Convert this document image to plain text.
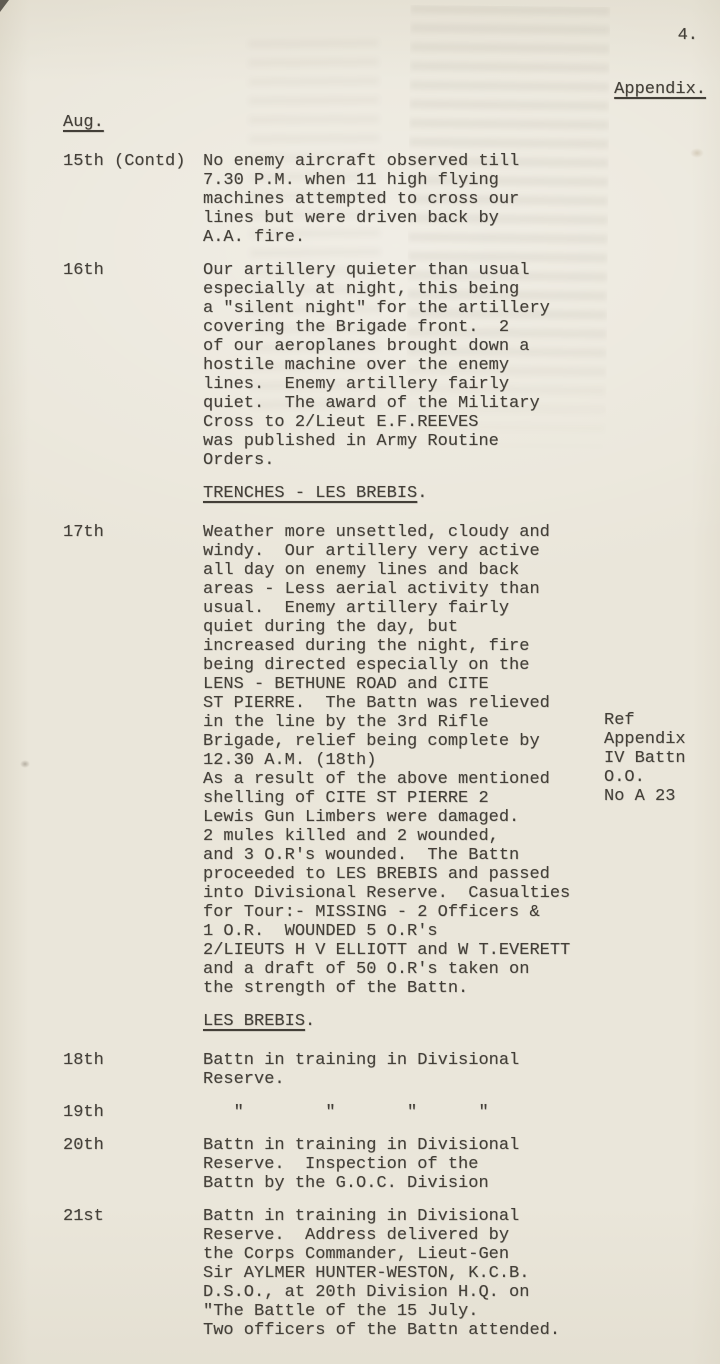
4.
Appendix.
Aug.
15th (Contd)	No enemy aircraft observed till
7.30 P.M. when 11 high flying
machines attempted to cross our
lines but were driven back by
A.A. fire.
16th	Our artillery quieter than usual
especially at night, this being
a "silent night" for the artillery
covering the Brigade front.  2
of our aeroplanes brought down a
hostile machine over the enemy
lines.  Enemy artillery fairly
quiet.  The award of the Military
Cross to 2/Lieut E.F.REEVES
was published in Army Routine
Orders.
TRENCHES - LES BREBIS.
17th	Weather more unsettled, cloudy and
windy.  Our artillery very active
all day on enemy lines and back
areas - Less aerial activity than
usual.  Enemy artillery fairly
quiet during the day, but
increased during the night, fire
being directed especially on the
LENS - BETHUNE ROAD and CITE
ST PIERRE.  The Battn was relieved
in the line by the 3rd Rifle
Brigade, relief being complete by
12.30 A.M. (18th)
As a result of the above mentioned
shelling of CITE ST PIERRE 2
Lewis Gun Limbers were damaged.
2 mules killed and 2 wounded,
and 3 O.R's wounded.  The Battn
proceeded to LES BREBIS and passed
into Divisional Reserve.  Casualties
for Tour:- MISSING - 2 Officers &
1 O.R.  WOUNDED 5 O.R's
2/LIEUTS H V ELLIOTT and W T.EVERETT
and a draft of 50 O.R's taken on
the strength of the Battn.
LES BREBIS.
18th	Battn in training in Divisional
Reserve.
19th	"        "       "      "
20th	Battn in training in Divisional
Reserve.  Inspection of the
Battn by the G.O.C. Division
21st	Battn in training in Divisional
Reserve.  Address delivered by
the Corps Commander, Lieut-Gen
Sir AYLMER HUNTER-WESTON, K.C.B.
D.S.O., at 20th Division H.Q. on
"The Battle of the 15 July.
Two officers of the Battn attended.
Ref
Appendix
IV Battn
O.O.
No A 23
